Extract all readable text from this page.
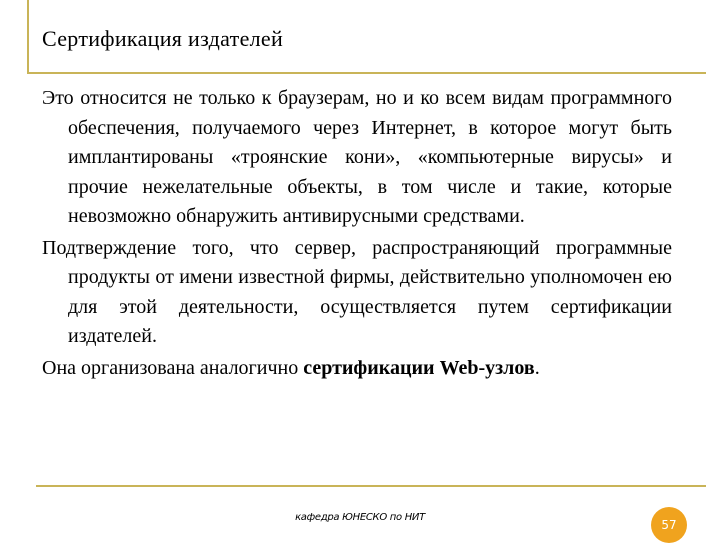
Сертификация издателей

Это относится не только к браузерам, но и ко всем видам программного обеспечения, получаемого через Интернет, в которое могут быть имплантированы «троянские кони», «компьютерные вирусы» и прочие нежелательные объекты, в том числе и такие, которые невозможно обнаружить антивирусными средствами.

Подтверждение того, что сервер, распространяющий программные продукты от имени известной фирмы, действительно уполномочен ею для этой деятельности, осуществляется путем сертификации издателей.

Она организована аналогично сертификации Web-узлов.

кафедра ЮНЕСКО по НИТ
57
